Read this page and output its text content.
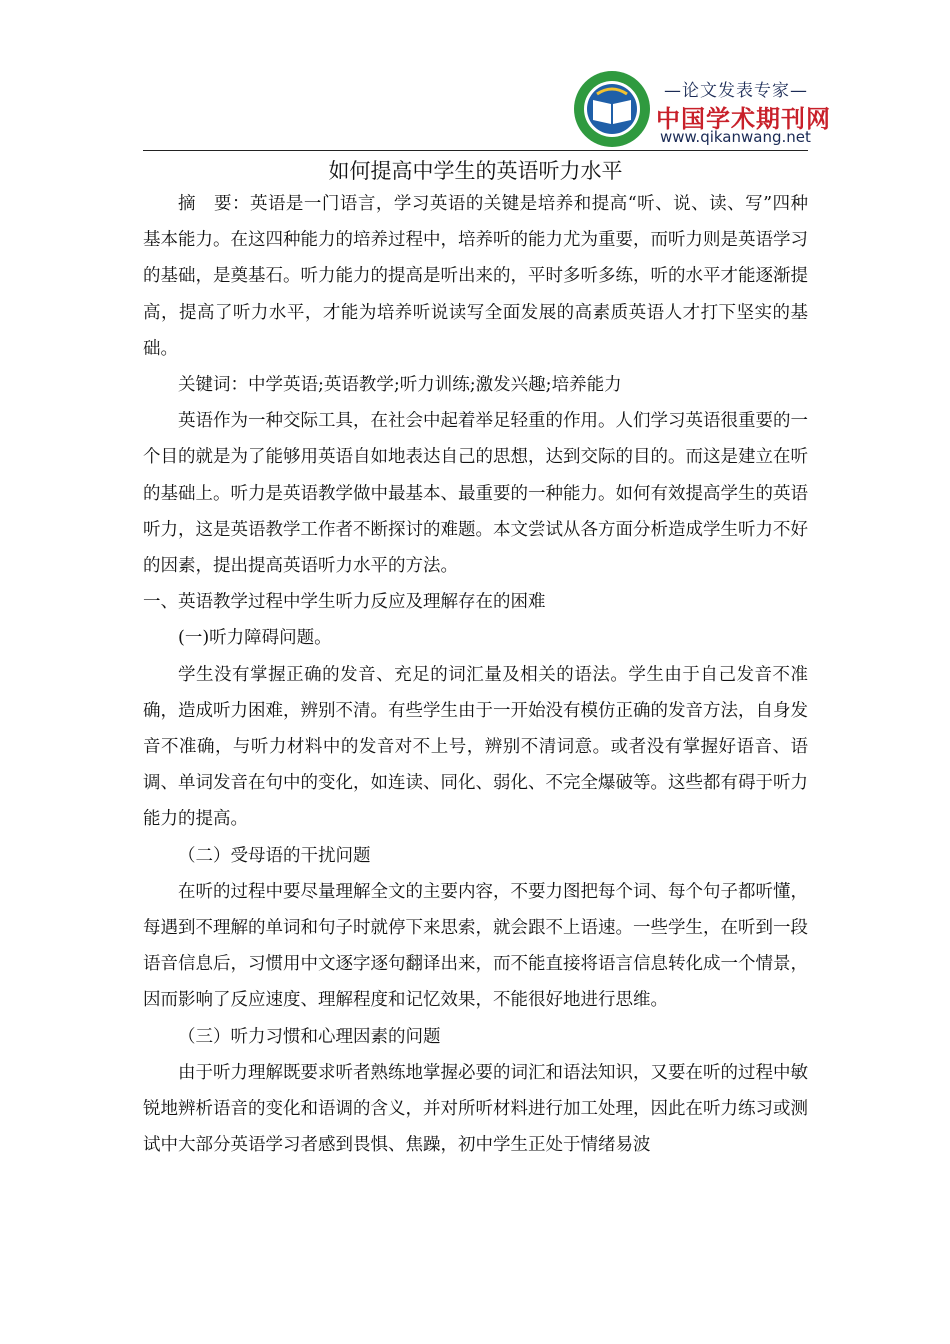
—论文发表专家—
中国学术期刊网
www.qikanwang.net
如何提高中学生的英语听力水平

摘　要：英语是一门语言，学习英语的关键是培养和提高“听、说、读、写”四种基本能力。在这四种能力的培养过程中，培养听的能力尤为重要，而听力则是英语学习的基础，是奠基石。听力能力的提高是听出来的，平时多听多练，听的水平才能逐渐提高，提高了听力水平，才能为培养听说读写全面发展的高素质英语人才打下坚实的基础。

关键词：中学英语;英语教学;听力训练;激发兴趣;培养能力

英语作为一种交际工具，在社会中起着举足轻重的作用。人们学习英语很重要的一个目的就是为了能够用英语自如地表达自己的思想，达到交际的目的。而这是建立在听的基础上。听力是英语教学做中最基本、最重要的一种能力。如何有效提高学生的英语听力，这是英语教学工作者不断探讨的难题。本文尝试从各方面分析造成学生听力不好的因素，提出提高英语听力水平的方法。

一、英语教学过程中学生听力反应及理解存在的困难

(一)听力障碍问题。

学生没有掌握正确的发音、充足的词汇量及相关的语法。学生由于自己发音不准确，造成听力困难，辨别不清。有些学生由于一开始没有模仿正确的发音方法，自身发音不准确，与听力材料中的发音对不上号，辨别不清词意。或者没有掌握好语音、语调、单词发音在句中的变化，如连读、同化、弱化、不完全爆破等。这些都有碍于听力能力的提高。

（二）受母语的干扰问题

在听的过程中要尽量理解全文的主要内容，不要力图把每个词、每个句子都听懂，每遇到不理解的单词和句子时就停下来思索，就会跟不上语速。一些学生，在听到一段语音信息后，习惯用中文逐字逐句翻译出来，而不能直接将语言信息转化成一个情景，因而影响了反应速度、理解程度和记忆效果，不能很好地进行思维。

（三）听力习惯和心理因素的问题

由于听力理解既要求听者熟练地掌握必要的词汇和语法知识，又要在听的过程中敏锐地辨析语音的变化和语调的含义，并对所听材料进行加工处理，因此在听力练习或测试中大部分英语学习者感到畏惧、焦躁，初中学生正处于情绪易波
